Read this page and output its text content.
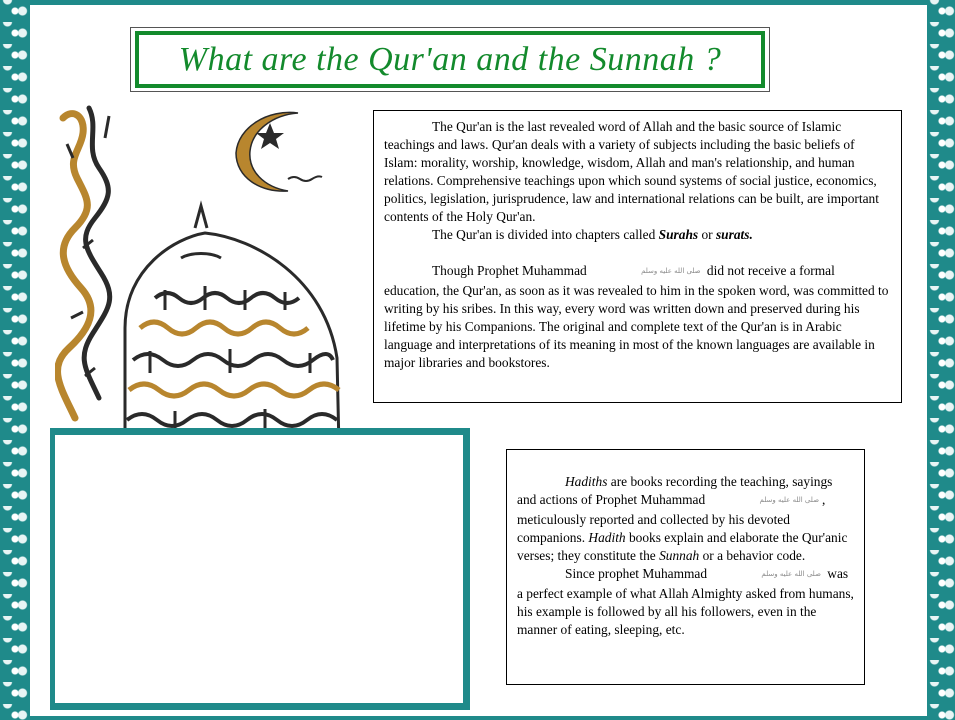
What are the Qur'an and the Sunnah ?

The Qur'an is the last revealed word of Allah and the basic source of Islamic teachings and laws. Qur'an deals with a variety of subjects including the basic beliefs of Islam: morality, worship, knowledge, wisdom, Allah and man's relationship, and human relations. Comprehensive teachings upon which sound systems of social justice, economics, politics, legislation, jurisprudence, law and international relations can be built, are important contents of the Holy Qur'an.

The Qur'an is divided into chapters called Surahs or surats.

Though Prophet Muhammad	صلى الله عليه وسلم did not receive a formal education, the Qur'an, as soon as it was revealed to him in the spoken word, was committed to writing by his sribes. In this way, every word was written down and preserved during his lifetime by his Companions. The original and complete text of the Qur'an is in Arabic language and interpretations of its meaning in most of the known languages are available in major libraries and bookstores.

Hadiths are books recording the teaching, sayings and actions of Prophet Muhammad	صلى الله عليه وسلم , meticulously reported and collected by his devoted companions. Hadith books explain and elaborate the Qur'anic verses; they constitute the Sunnah or a behavior code.

Since prophet Muhammad	صلى الله عليه وسلم was a perfect example of what Allah Almighty asked from humans, his example is followed by all his followers, even in the manner of eating, sleeping, etc.
